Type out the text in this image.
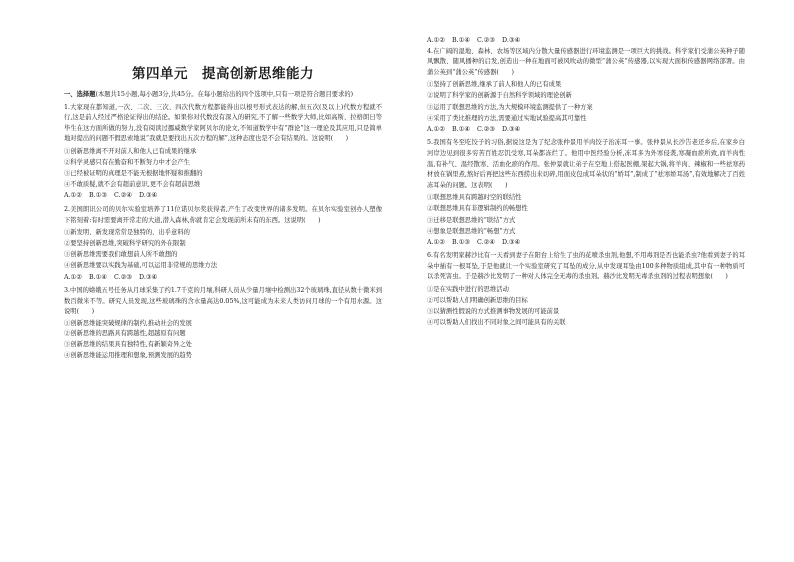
第四单元　提高创新思维能力

一、选择题(本题共15小题,每小题3分,共45分。在每小题给出的四个选项中,只有一项是符合题目要求的)

1.大家现在都知道,一次、二次、三次、四次代数方程都能得出以根号形式表达的解,但五次(及以上)代数方程就不行,这是前人经过严格论证得出的结论。如果你对代数没有深入的研究,不了解一些数学大师,比如高斯、拉格朗日等毕生在这方面所做的努力,没有阅读过挪威数学家阿贝尔的论文,不知道数学中有“群论”这一理论及其应用,只是简单地对提出的问题不假思索地说“我就是要找出五次方程的解”,这种态度也是不会有结果的。这说明(　　)

①创新思维离不开对前人和他人已有成果的继承
②科学灵感只有在勤奋和不断努力中才会产生
③已经被证明的真理是不能无根据地怀疑和推翻的
④不敢质疑,就不会有超前意识,更不会有超前思维
A.①②	B.①③	C.②④	D.③④

2.美国朗讯公司的贝尔实验室培养了11位诺贝尔奖获得者,产生了改变世界的诸多发明。在贝尔实验室创办人塑像下铭刻着:有时需要离开常走的大道,潜入森林,你就肯定会发现前所未有的东西。这说明(　　)

①新发明、新发现常常是独特的、出乎意料的
②要坚持创新思维,突破科学研究的外在限制
③创新思维需要我们敢想前人所不敢想的
④创新思维要以实践为基础,可以运用非常规的思维方法
A.①②	B.①④	C.②③	D.③④

3.中国的嫦娥五号任务从月球采集了约1.7千克的月壤,科研人员从少量月壤中检测出32个玻璃珠,直径从数十微米到数百微米不等。研究人员发现,这些玻璃珠的含水量高达0.05%,这可能成为未来人类访问月球的一个有用水源。这说明(　　)

①创新思维能突破规律的制约,推动社会的发展
②创新思维的思路具有跨越性,超越原有问题
③创新思维的结果具有独特性,有新颖奇异之处
④创新思维能运用推理和想象,预测发展的趋势
A.①②	B.①④	C.②③	D.③④

4.在广阔的湿地、森林、农场等区域内分散大量传感器进行环境监测是一项巨大的挑战。科学家们受蒲公英种子随风飘散、随风播种的启发,创造出一种在地面可被风吹动的微型“蒲公英”传感器,以实现大面积传感器网络部署。由蒲公英到“蒲公英”传感器(　　)

①坚持了创新思维,继承了前人和他人的已有成果
②说明了科学家的创新源于自然科学领域的理论创新
③运用了联想思维的方法,为大规模环境监测提供了一种方案
④采用了类比推理的方法,需要通过实地试验提高其可靠性
A.①②	B.①④	C.②③	D.③④

5.我国有冬至吃饺子的习俗,据说这是为了纪念张仲景用羊肉饺子治冻耳一事。张仲景从长沙告老还乡后,在家乡白河岸边见到很多穷苦百姓忍饥受寒,耳朵都冻烂了。他用中医经验分析,冻耳多为外寒侵袭,寒凝血瘀所致,而羊肉性温,有补气、温经散寒、活血化瘀的作用。张仲景就让弟子在空地上搭起医棚,架起大锅,将羊肉、辣椒和一些祛寒药材放在锅里煮,熬好后再把这些东西捞出来切碎,用面皮包成耳朵状的“娇耳”,制成了“祛寒娇耳汤”,有效地解决了百姓冻耳朵的问题。这表明(　　)

①联想思维具有跨越时空的联结性
②联想思维具有非逻辑制约的畅想性
③迁移是联想思维的“联结”方式
④想象是联想思维的“畅想”方式
A.①②	B.①③	C.②④	D.③④

6.有名发明家赫沙比有一天看到妻子在阳台上给生了虫的花喷杀虫剂,他想,不用毒剂是否也能杀虫?他看到妻子的耳朵中插有一根耳坠,于是他就让一个实验室研究了耳坠的成分,从中发现耳坠由100多种物质组成,其中有一种物质可以杀死害虫。于是赫沙比发明了一种对人体完全无毒的杀虫剂。赫沙比发明无毒杀虫剂的过程表明想象(　　)

①是在实践中进行的思维活动
②可以帮助人们明确创新思维的目标
③以猜测性假说的方式推测事物发展的可能前景
④可以帮助人们找出不同对象之间可能具有的关联
